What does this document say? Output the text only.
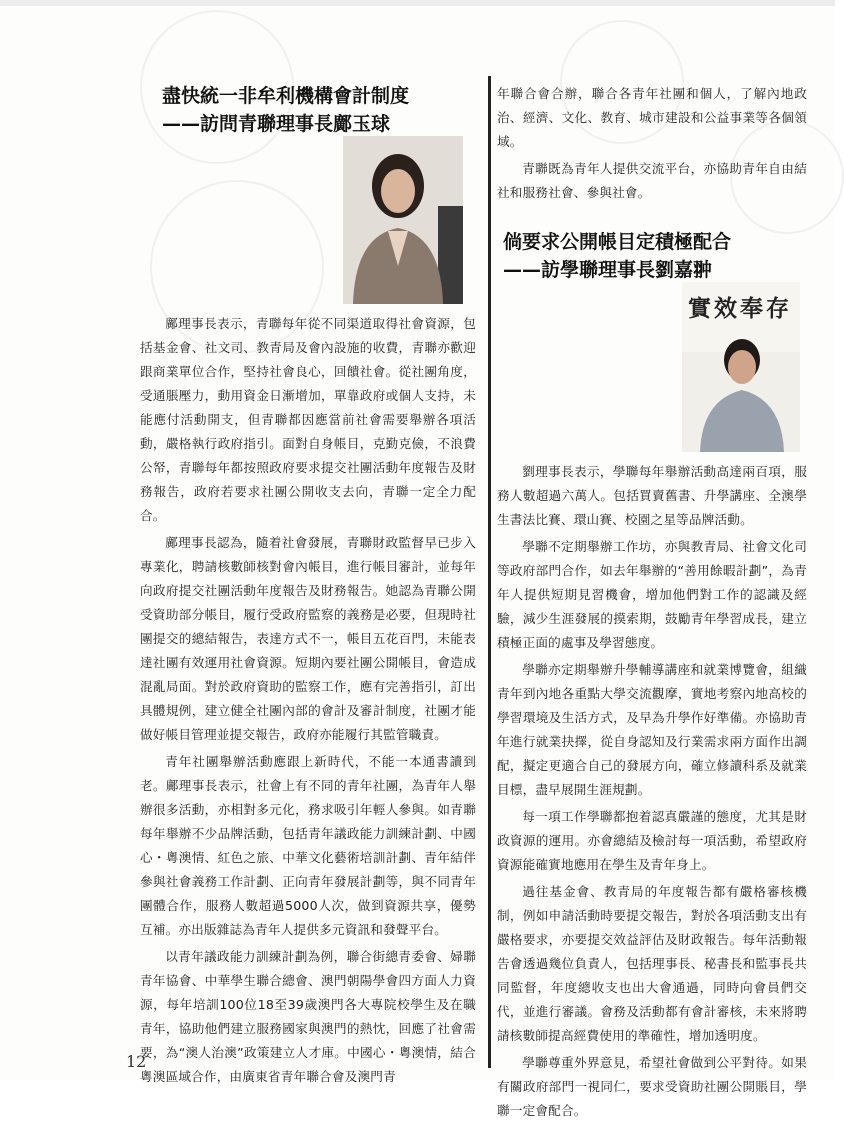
盡快統一非牟利機構會計制度
——訪問青聯理事長鄺玉球

鄺理事長表示，青聯每年從不同渠道取得社會資源，包括基金會、社文司、教青局及會內設施的收費，青聯亦歡迎跟商業單位合作，堅持社會良心，回饋社會。從社團角度，受通脹壓力，動用資金日漸增加，單靠政府或個人支持，未能應付活動開支，但青聯都因應當前社會需要舉辦各項活動，嚴格執行政府指引。面對自身帳目，克勤克儉，不浪費公帑，青聯每年都按照政府要求提交社團活動年度報告及財務報告，政府若要求社團公開收支去向，青聯一定全力配合。

鄺理事長認為，隨着社會發展，青聯財政監督早已步入專業化，聘請核數師核對會內帳目，進行帳目審計，並每年向政府提交社團活動年度報告及財務報告。她認為青聯公開受資助部分帳目，履行受政府監察的義務是必要，但現時社團提交的總結報告，表達方式不一，帳目五花百門，未能表達社團有效運用社會資源。短期內要社團公開帳目，會造成混亂局面。對於政府資助的監察工作，應有完善指引，訂出具體規例，建立健全社團內部的會計及審計制度，社團才能做好帳目管理並提交報告，政府亦能履行其監管職責。

青年社團舉辦活動應跟上新時代，不能一本通書讀到老。鄺理事長表示，社會上有不同的青年社團，為青年人舉辦很多活動，亦相對多元化，務求吸引年輕人參與。如青聯每年舉辦不少品牌活動，包括青年議政能力訓練計劃、中國心・粵澳情、紅色之旅、中華文化藝術培訓計劃、青年結伴參與社會義務工作計劃、正向青年發展計劃等，與不同青年團體合作，服務人數超過5000人次，做到資源共享，優勢互補。亦出版雜誌為青年人提供多元資訊和發聲平台。

以青年議政能力訓練計劃為例，聯合街總青委會、婦聯青年協會、中華學生聯合總會、澳門朝陽學會四方面人力資源，每年培訓100位18至39歲澳門各大專院校學生及在職青年，協助他們建立服務國家與澳門的熱忱，回應了社會需要，為“澳人治澳”政策建立人才庫。中國心・粵澳情，結合粵澳區域合作，由廣東省青年聯合會及澳門青

年聯合會合辦，聯合各青年社團和個人，了解內地政治、經濟、文化、教育、城市建設和公益事業等各個領域。

青聯既為青年人提供交流平台，亦協助青年自由結社和服務社會、參與社會。

倘要求公開帳目定積極配合
——訪學聯理事長劉嘉翀
實效奉存

劉理事長表示，學聯每年舉辦活動高達兩百項，服務人數超過六萬人。包括買賣舊書、升學講座、全澳學生書法比賽、環山賽、校園之星等品牌活動。

學聯不定期舉辦工作坊，亦與教青局、社會文化司等政府部門合作，如去年舉辦的“善用餘暇計劃”，為青年人提供短期見習機會，增加他們對工作的認識及經驗，減少生涯發展的摸索期，鼓勵青年學習成長，建立積極正面的處事及學習態度。

學聯亦定期舉辦升學輔導講座和就業博覽會，組織青年到內地各重點大學交流觀摩，實地考察內地高校的學習環境及生活方式，及早為升學作好準備。亦協助青年進行就業抉擇，從自身認知及行業需求兩方面作出調配，擬定更適合自己的發展方向，確立修讀科系及就業目標，盡早展開生涯規劃。

每一項工作學聯都抱着認真嚴謹的態度，尤其是財政資源的運用。亦會總結及檢討每一項活動，希望政府資源能確實地應用在學生及青年身上。

過往基金會、教青局的年度報告都有嚴格審核機制，例如申請活動時要提交報告，對於各項活動支出有嚴格要求，亦要提交效益評估及財政報告。每年活動報告會透過幾位負責人，包括理事長、秘書長和監事長共同監督，年度總收支也出大會通過，同時向會員們交代，並進行審議。會務及活動都有會計審核，未來將聘請核數師提高經費使用的準確性，增加透明度。

學聯尊重外界意見，希望社會做到公平對待。如果有關政府部門一視同仁，要求受資助社團公開賬目，學聯一定會配合。

12
